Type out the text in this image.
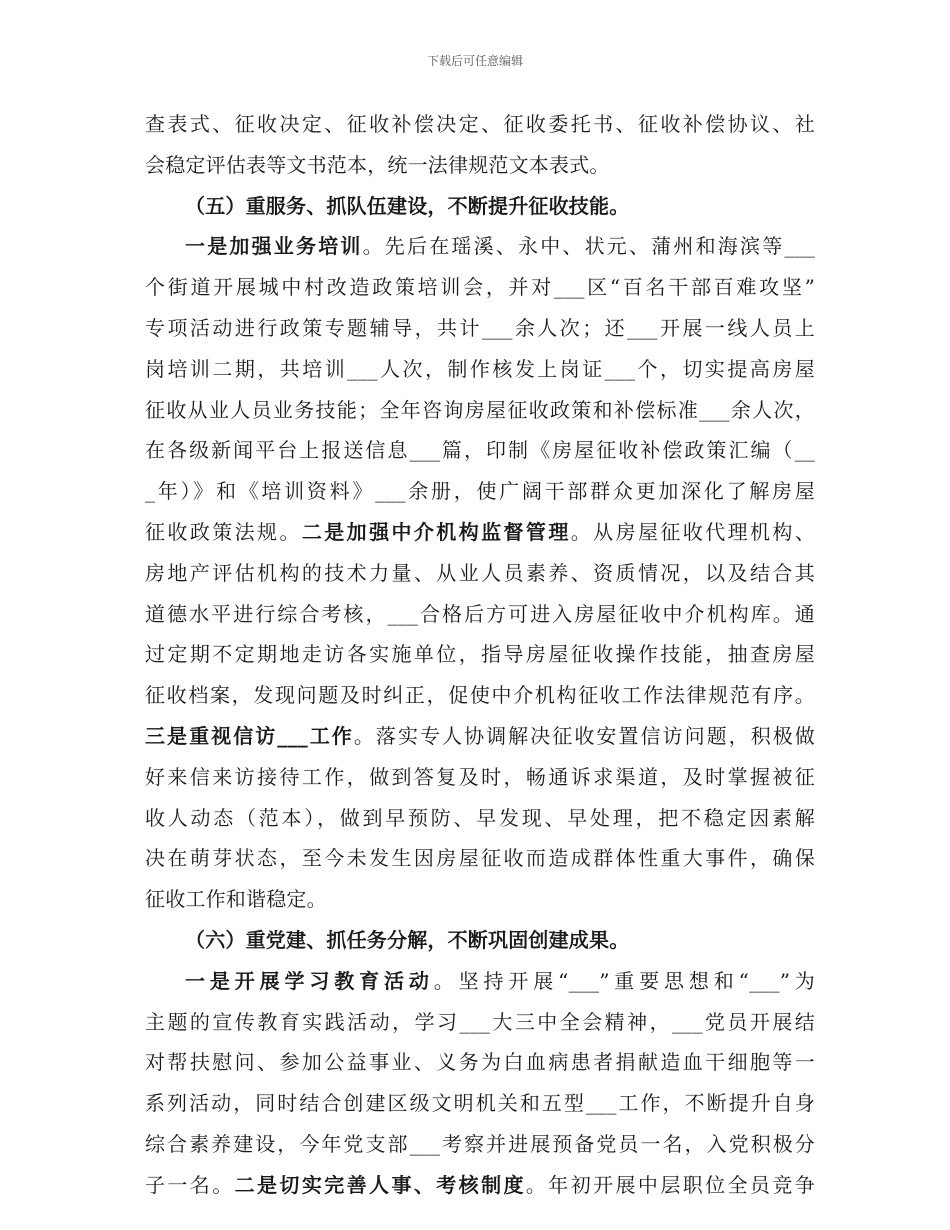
下载后可任意编辑
查表式、征收决定、征收补偿决定、征收委托书、征收补偿协议、社
会稳定评估表等文书范本，统一法律规范文本表式。
（五）重服务、抓队伍建设，不断提升征收技能。
一是加强业务培训。先后在瑶溪、永中、状元、蒲州和海滨等___
个街道开展城中村改造政策培训会，并对___区“百名干部百难攻坚”
专项活动进行政策专题辅导，共计___余人次；还___开展一线人员上
岗培训二期，共培训___人次，制作核发上岗证___个，切实提高房屋
征收从业人员业务技能；全年咨询房屋征收政策和补偿标准___余人次，
在各级新闻平台上报送信息___篇，印制《房屋征收补偿政策汇编（__
_年）》和《培训资料》___余册，使广阔干部群众更加深化了解房屋
征收政策法规。二是加强中介机构监督管理。从房屋征收代理机构、
房地产评估机构的技术力量、从业人员素养、资质情况，以及结合其
道德水平进行综合考核，___合格后方可进入房屋征收中介机构库。通
过定期不定期地走访各实施单位，指导房屋征收操作技能，抽查房屋
征收档案，发现问题及时纠正，促使中介机构征收工作法律规范有序。
三是重视信访___工作。落实专人协调解决征收安置信访问题，积极做
好来信来访接待工作，做到答复及时，畅通诉求渠道，及时掌握被征
收人动态（范本），做到早预防、早发现、早处理，把不稳定因素解
决在萌芽状态，至今未发生因房屋征收而造成群体性重大事件，确保
征收工作和谐稳定。
（六）重党建、抓任务分解，不断巩固创建成果。
一是开展学习教育活动。坚持开展“___”重要思想和“___”为
主题的宣传教育实践活动，学习___大三中全会精神，___党员开展结
对帮扶慰问、参加公益事业、义务为白血病患者捐献造血干细胞等一
系列活动，同时结合创建区级文明机关和五型___工作，不断提升自身
综合素养建设，今年党支部___考察并进展预备党员一名，入党积极分
子一名。二是切实完善人事、考核制度。年初开展中层职位全员竞争
